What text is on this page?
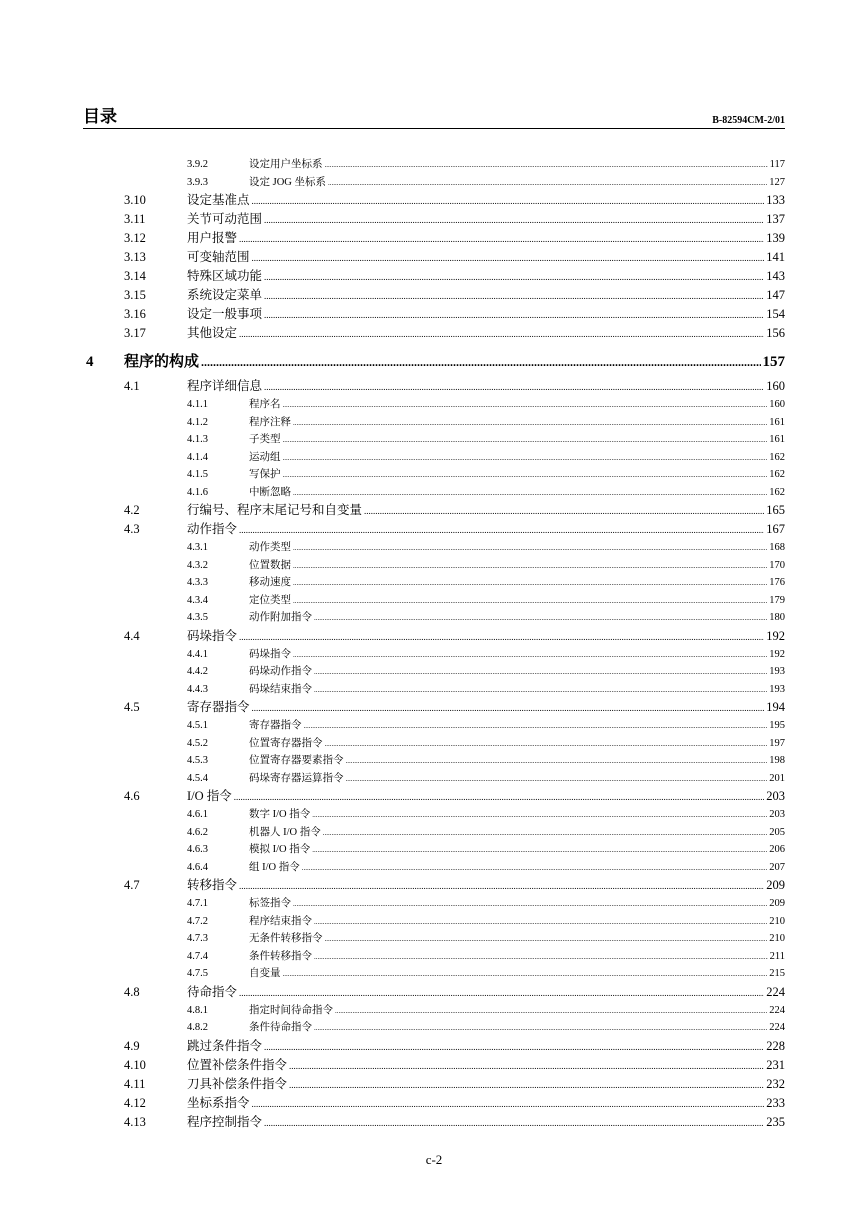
目录	B-82594CM-2/01
3.9.2	设定用户坐标系 .....	117
3.9.3	设定 JOG 坐标系 .....	127
3.10	设定基准点 .....	133
3.11	关节可动范围 .....	137
3.12	用户报警 .....	139
3.13	可变轴范围 .....	141
3.14	特殊区域功能 .....	143
3.15	系统设定菜单 .....	147
3.16	设定一般事项 .....	154
3.17	其他设定 .....	156
4 程序的构成 .....	157
4.1	程序详细信息 .....	160
4.1.1	程序名 .....	160
4.1.2	程序注释 .....	161
4.1.3	子类型 .....	161
4.1.4	运动组 .....	162
4.1.5	写保护 .....	162
4.1.6	中断忽略 .....	162
4.2	行编号、程序末尾记号和自变量 .....	165
4.3	动作指令 .....	167
4.3.1	动作类型 .....	168
4.3.2	位置数据 .....	170
4.3.3	移动速度 .....	176
4.3.4	定位类型 .....	179
4.3.5	动作附加指令 .....	180
4.4	码垛指令 .....	192
4.4.1	码垛指令 .....	192
4.4.2	码垛动作指令 .....	193
4.4.3	码垛结束指令 .....	193
4.5	寄存器指令 .....	194
4.5.1	寄存器指令 .....	195
4.5.2	位置寄存器指令 .....	197
4.5.3	位置寄存器要素指令 .....	198
4.5.4	码垛寄存器运算指令 .....	201
4.6	I/O 指令 .....	203
4.6.1	数字 I/O 指令 .....	203
4.6.2	机器人 I/O 指令 .....	205
4.6.3	模拟 I/O 指令 .....	206
4.6.4	组 I/O 指令 .....	207
4.7	转移指令 .....	209
4.7.1	标签指令 .....	209
4.7.2	程序结束指令 .....	210
4.7.3	无条件转移指令 .....	210
4.7.4	条件转移指令 .....	211
4.7.5	自变量 .....	215
4.8	待命指令 .....	224
4.8.1	指定时间待命指令 .....	224
4.8.2	条件待命指令 .....	224
4.9	跳过条件指令 .....	228
4.10	位置补偿条件指令 .....	231
4.11	刀具补偿条件指令 .....	232
4.12	坐标系指令 .....	233
4.13	程序控制指令 .....	235
c-2
